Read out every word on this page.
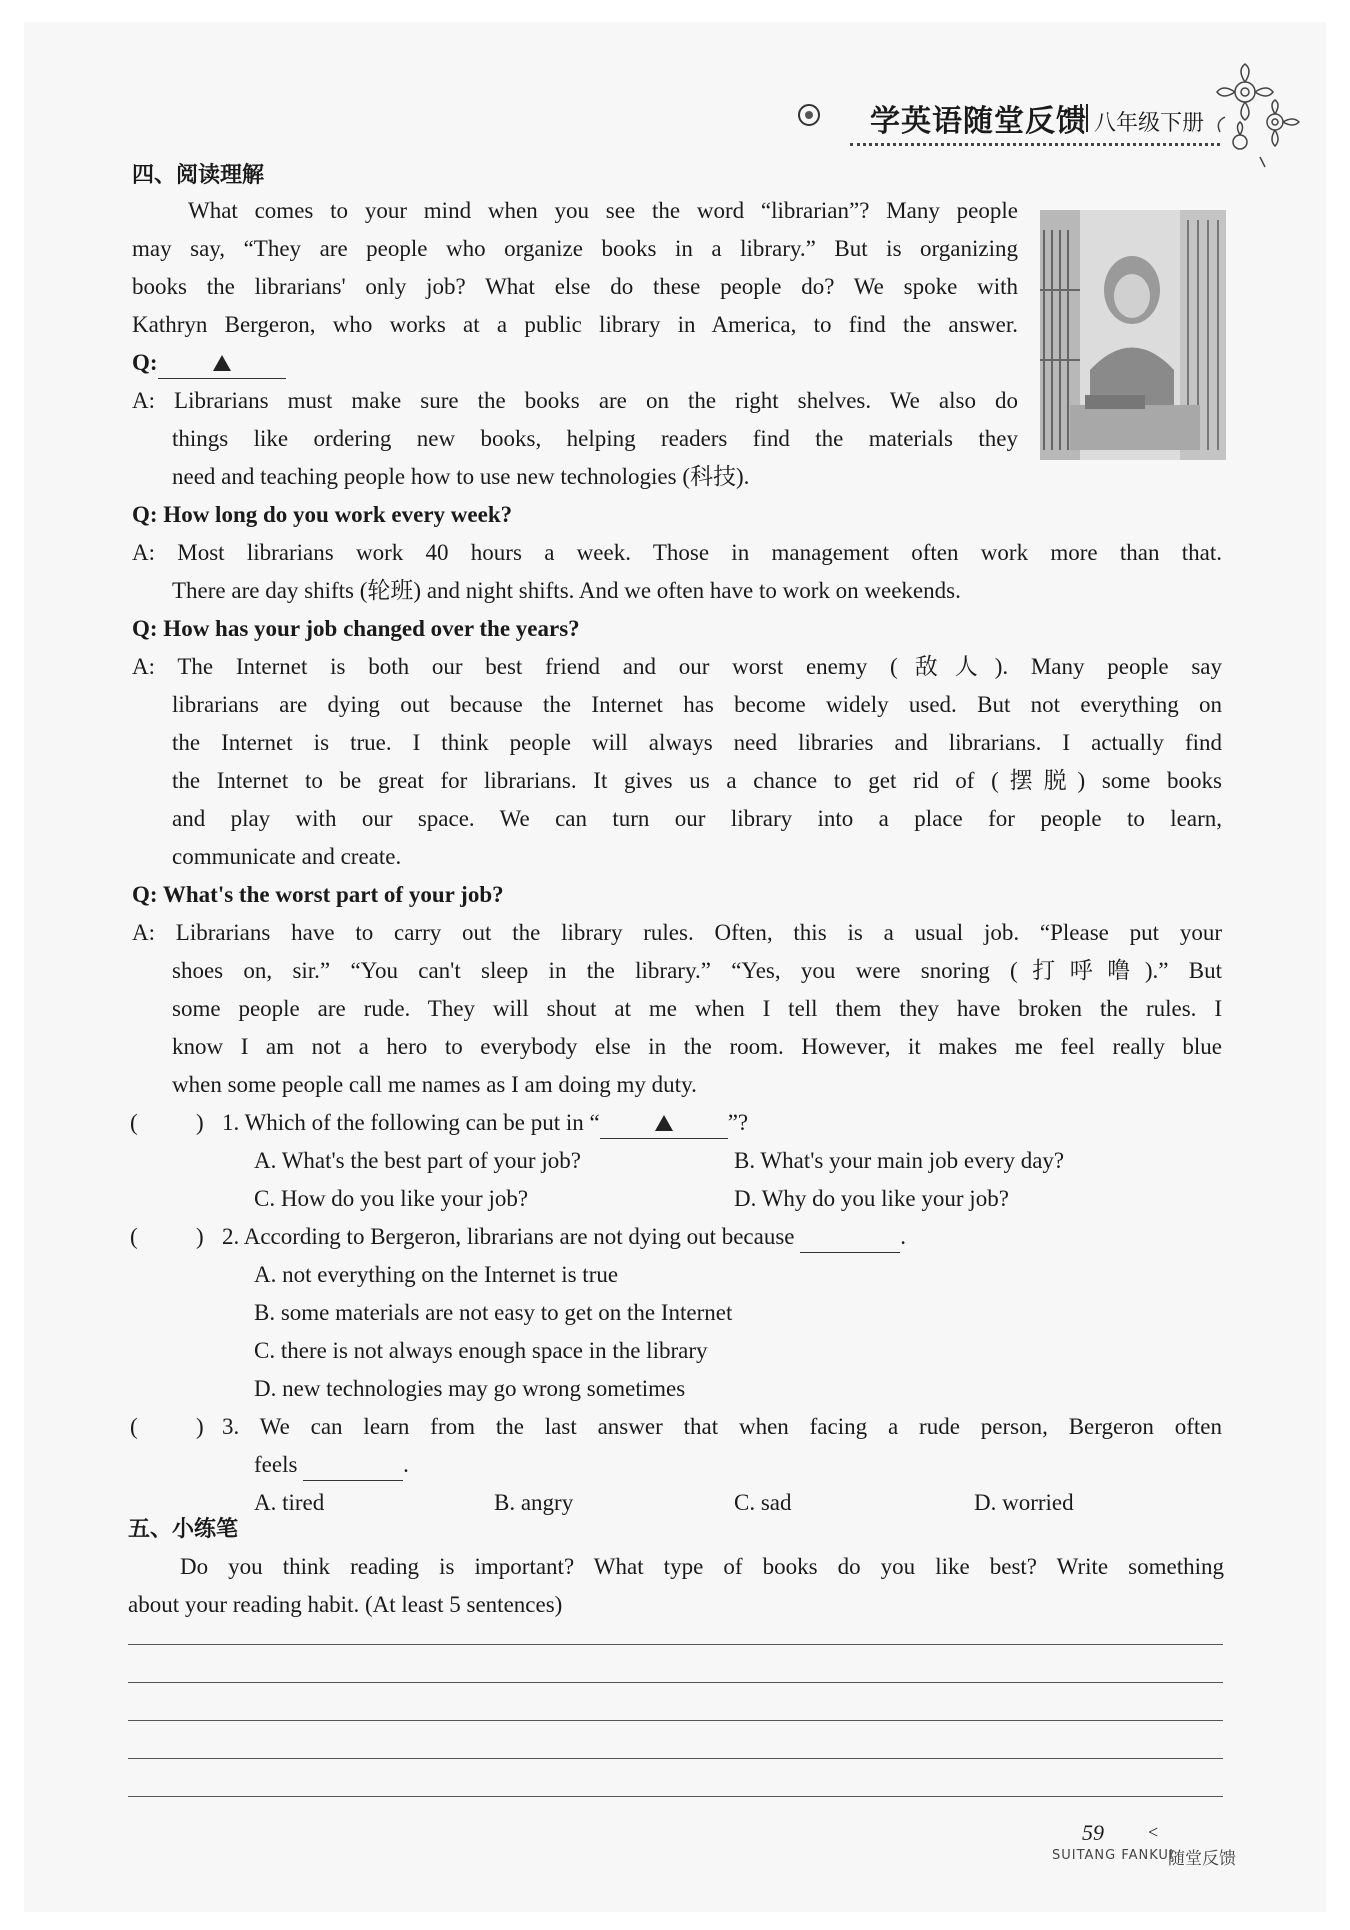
学英语随堂反馈 八年级下册
四、阅读理解
What comes to your mind when you see the word “librarian”? Many people
may say, “They are people who organize books in a library.” But is organizing
books the librarians' only job? What else do these people do? We spoke with
Kathryn Bergeron, who works at a public library in America, to find the answer.
Q:
A: Librarians must make sure the books are on the right shelves. We also do
things like ordering new books, helping readers find the materials they
need and teaching people how to use new technologies (科技).
Q: How long do you work every week?
A: Most librarians work 40 hours a week. Those in management often work more than that.
There are day shifts (轮班) and night shifts. And we often have to work on weekends.
Q: How has your job changed over the years?
A: The Internet is both our best friend and our worst enemy (敌人). Many people say
librarians are dying out because the Internet has become widely used. But not everything on
the Internet is true. I think people will always need libraries and librarians. I actually find
the Internet to be great for librarians. It gives us a chance to get rid of (摆脱) some books
and play with our space. We can turn our library into a place for people to learn,
communicate and create.
Q: What's the worst part of your job?
A: Librarians have to carry out the library rules. Often, this is a usual job. “Please put your
shoes on, sir.” “You can't sleep in the library.” “Yes, you were snoring (打呼噜).” But
some people are rude. They will shout at me when I tell them they have broken the rules. I
know I am not a hero to everybody else in the room. However, it makes me feel really blue
when some people call me names as I am doing my duty.
(	) 1. Which of the following can be put in “	”?
A. What's the best part of your job?	B. What's your main job every day?
C. How do you like your job?	D. Why do you like your job?
(	) 2. According to Bergeron, librarians are not dying out because	.
A. not everything on the Internet is true
B. some materials are not easy to get on the Internet
C. there is not always enough space in the library
D. new technologies may go wrong sometimes
(	) 3. We can learn from the last answer that when facing a rude person, Bergeron often
feels	.
A. tired	B. angry	C. sad	D. worried
五、小练笔
Do you think reading is important? What type of books do you like best? Write something
about your reading habit. (At least 5 sentences)
59 <
SUITANG FANKUI
随堂反馈
